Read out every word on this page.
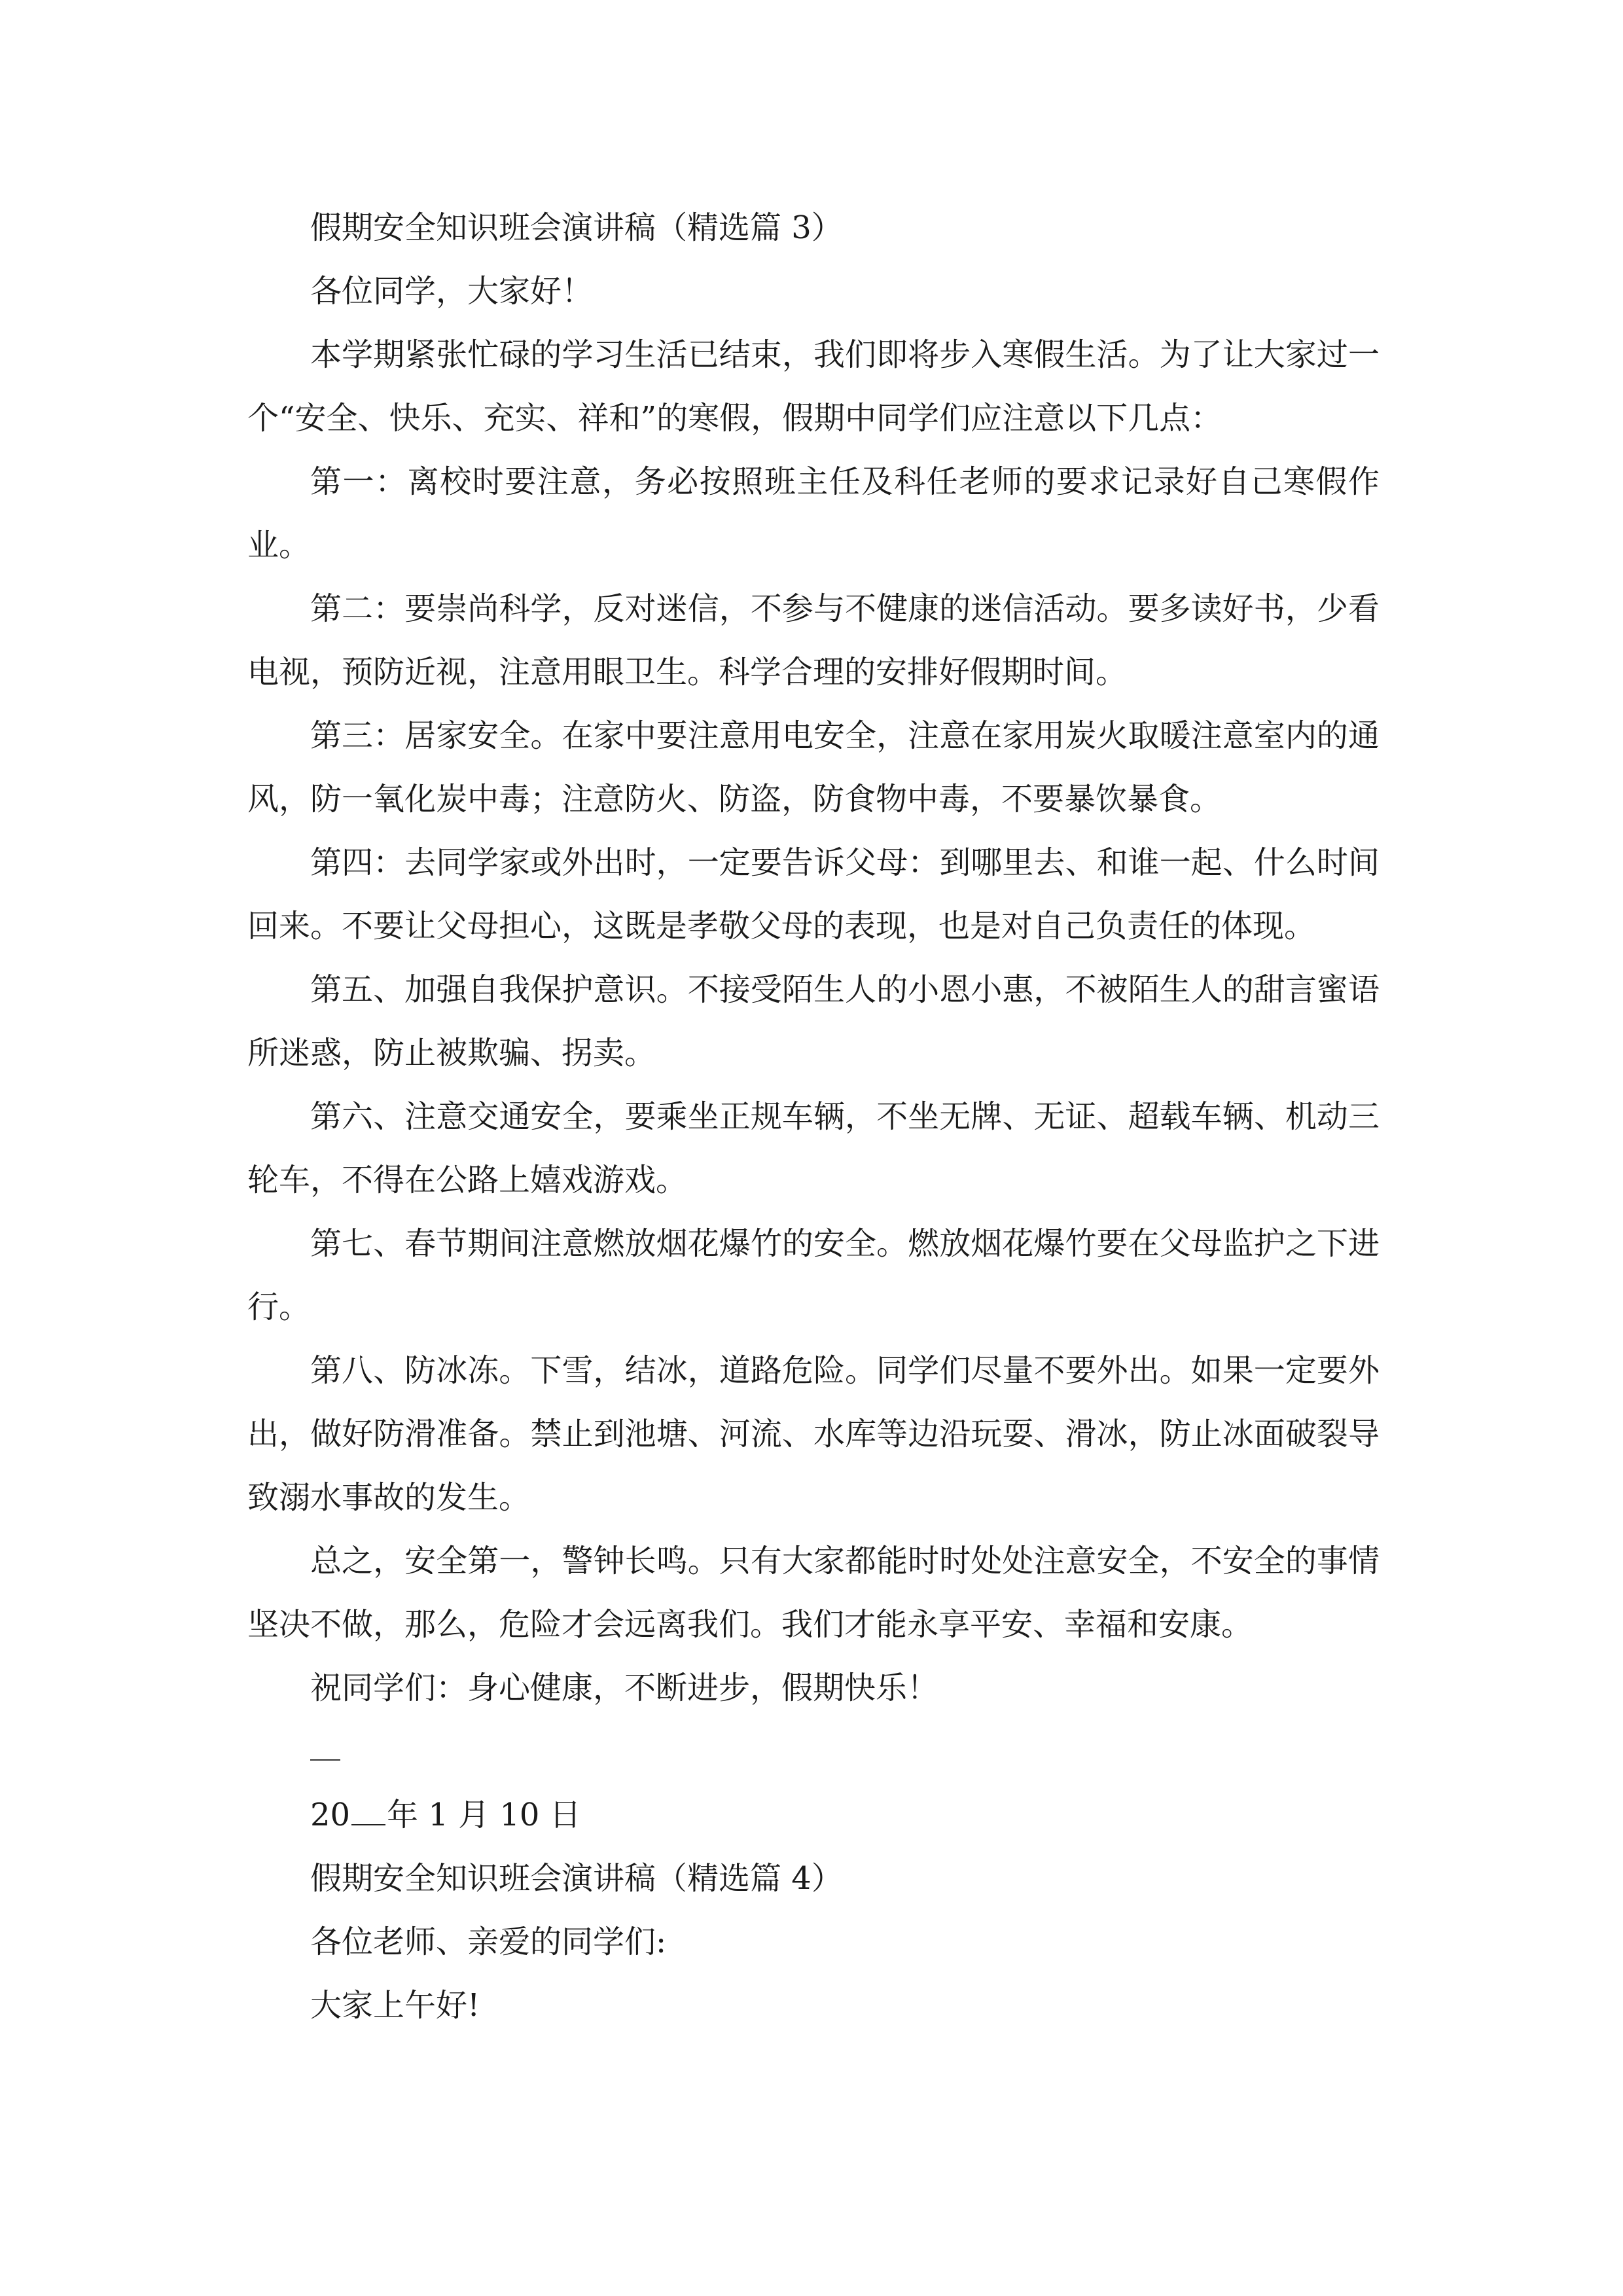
假期安全知识班会演讲稿（精选篇 3）

各位同学，大家好！

本学期紧张忙碌的学习生活已结束，我们即将步入寒假生活。为了让大家过一个“安全、快乐、充实、祥和”的寒假，假期中同学们应注意以下几点：

第一：离校时要注意，务必按照班主任及科任老师的要求记录好自己寒假作业。

第二：要崇尚科学，反对迷信，不参与不健康的迷信活动。要多读好书，少看电视，预防近视，注意用眼卫生。科学合理的安排好假期时间。

第三：居家安全。在家中要注意用电安全，注意在家用炭火取暖注意室内的通风，防一氧化炭中毒；注意防火、防盗，防食物中毒，不要暴饮暴食。

第四：去同学家或外出时，一定要告诉父母：到哪里去、和谁一起、什么时间回来。不要让父母担心，这既是孝敬父母的表现，也是对自己负责任的体现。

第五、加强自我保护意识。不接受陌生人的小恩小惠，不被陌生人的甜言蜜语所迷惑，防止被欺骗、拐卖。

第六、注意交通安全，要乘坐正规车辆，不坐无牌、无证、超载车辆、机动三轮车，不得在公路上嬉戏游戏。

第七、春节期间注意燃放烟花爆竹的安全。燃放烟花爆竹要在父母监护之下进行。

第八、防冰冻。下雪，结冰，道路危险。同学们尽量不要外出。如果一定要外出，做好防滑准备。禁止到池塘、河流、水库等边沿玩耍、滑冰，防止冰面破裂导致溺水事故的发生。

总之，安全第一，警钟长鸣。只有大家都能时时处处注意安全，不安全的事情坚决不做，那么，危险才会远离我们。我们才能永享平安、幸福和安康。

祝同学们：身心健康，不断进步，假期快乐！

20 年 1 月 10 日

假期安全知识班会演讲稿（精选篇 4）

各位老师、亲爱的同学们:

大家上午好!
